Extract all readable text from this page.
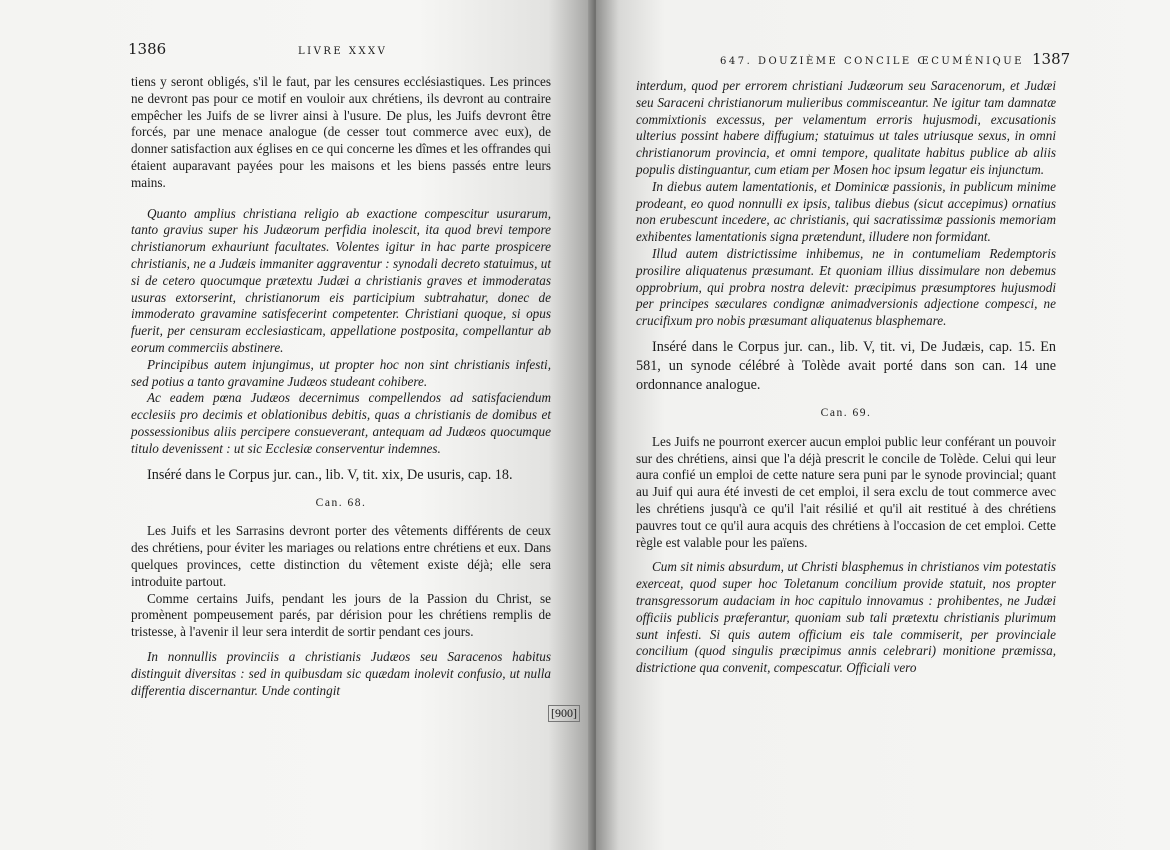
1386	LIVRE XXXV

tiens y seront obligés, s'il le faut, par les censures ecclésiastiques. Les princes ne devront pas pour ce motif en vouloir aux chrétiens, ils devront au contraire empêcher les Juifs de se livrer ainsi à l'usure. De plus, les Juifs devront être forcés, par une menace analogue (de cesser tout commerce avec eux), de donner satisfaction aux églises en ce qui concerne les dîmes et les offrandes qui étaient auparavant payées pour les maisons et les biens passés entre leurs mains.

Quanto amplius christiana religio ab exactione compescitur usurarum, tanto gravius super his Judæorum perfidia inolescit, ita quod brevi tempore christianorum exhauriunt facultates. Volentes igitur in hac parte prospicere christianis, ne a Judæis immaniter aggraventur : synodali decreto statuimus, ut si de cetero quocumque prætextu Judæi a christianis graves et immoderatas usuras extorserint, christianorum eis participium subtrahatur, donec de immoderato gravamine satisfecerint competenter. Christiani quoque, si opus fuerit, per censuram ecclesiasticam, appellatione postposita, compellantur ab eorum commerciis abstinere.

Principibus autem injungimus, ut propter hoc non sint christianis infesti, sed potius a tanto gravamine Judæos studeant cohibere.

Ac eadem pœna Judæos decernimus compellendos ad satisfaciendum ecclesiis pro decimis et oblationibus debitis, quas a christianis de domibus et possessionibus aliis percipere consueverant, antequam ad Judæos quocumque titulo devenissent : ut sic Ecclesiæ conserventur indemnes.

Inséré dans le Corpus jur. can., lib. V, tit. xix, De usuris, cap. 18.

Can. 68.

Les Juifs et les Sarrasins devront porter des vêtements différents de ceux des chrétiens, pour éviter les mariages ou relations entre chrétiens et eux. Dans quelques provinces, cette distinction du vêtement existe déjà; elle sera introduite partout.

Comme certains Juifs, pendant les jours de la Passion du Christ, se promènent pompeusement parés, par dérision pour les chrétiens remplis de tristesse, à l'avenir il leur sera interdit de sortir pendant ces jours.

In nonnullis provinciis a christianis Judæos seu Saracenos habitus distinguit diversitas : sed in quibusdam sic quædam inolevit confusio, ut nulla differentia discernantur. Unde contingit

[900]
647. DOUZIÈME CONCILE ŒCUMÉNIQUE 1387

interdum, quod per errorem christiani Judæorum seu Saracenorum, et Judæi seu Saraceni christianorum mulieribus commisceantur. Ne igitur tam damnatæ commixtionis excessus, per velamentum erroris hujusmodi, excusationis ulterius possint habere diffugium; statuimus ut tales utriusque sexus, in omni christianorum provincia, et omni tempore, qualitate habitus publice ab aliis populis distinguantur, cum etiam per Mosen hoc ipsum legatur eis injunctum.

In diebus autem lamentationis, et Dominicæ passionis, in publicum minime prodeant, eo quod nonnulli ex ipsis, talibus diebus (sicut accepimus) ornatius non erubescunt incedere, ac christianis, qui sacratissimæ passionis memoriam exhibentes lamentationis signa prætendunt, illudere non formidant.

Illud autem districtissime inhibemus, ne in contumeliam Redemptoris prosilire aliquatenus præsumant. Et quoniam illius dissimulare non debemus opprobrium, qui probra nostra delevit: præcipimus præsumptores hujusmodi per principes sæculares condignæ animadversionis adjectione compesci, ne crucifixum pro nobis præsumant aliquatenus blasphemare.

Inséré dans le Corpus jur. can., lib. V, tit. vi, De Judæis, cap. 15. En 581, un synode célébré à Tolède avait porté dans son can. 14 une ordonnance analogue.

Can. 69.

Les Juifs ne pourront exercer aucun emploi public leur conférant un pouvoir sur des chrétiens, ainsi que l'a déjà prescrit le concile de Tolède. Celui qui leur aura confié un emploi de cette nature sera puni par le synode provincial; quant au Juif qui aura été investi de cet emploi, il sera exclu de tout commerce avec les chrétiens jusqu'à ce qu'il l'ait résilié et qu'il ait restitué à des chrétiens pauvres tout ce qu'il aura acquis des chrétiens à l'occasion de cet emploi. Cette règle est valable pour les païens.

Cum sit nimis absurdum, ut Christi blasphemus in christianos vim potestatis exerceat, quod super hoc Toletanum concilium provide statuit, nos propter transgressorum audaciam in hoc capitulo innovamus : prohibentes, ne Judæi officiis publicis præferantur, quoniam sub tali prætextu christianis plurimum sunt infesti. Si quis autem officium eis tale commiserit, per provinciale concilium (quod singulis præcipimus annis celebrari) monitione præmissa, districtione qua convenit, compescatur. Officiali vero
